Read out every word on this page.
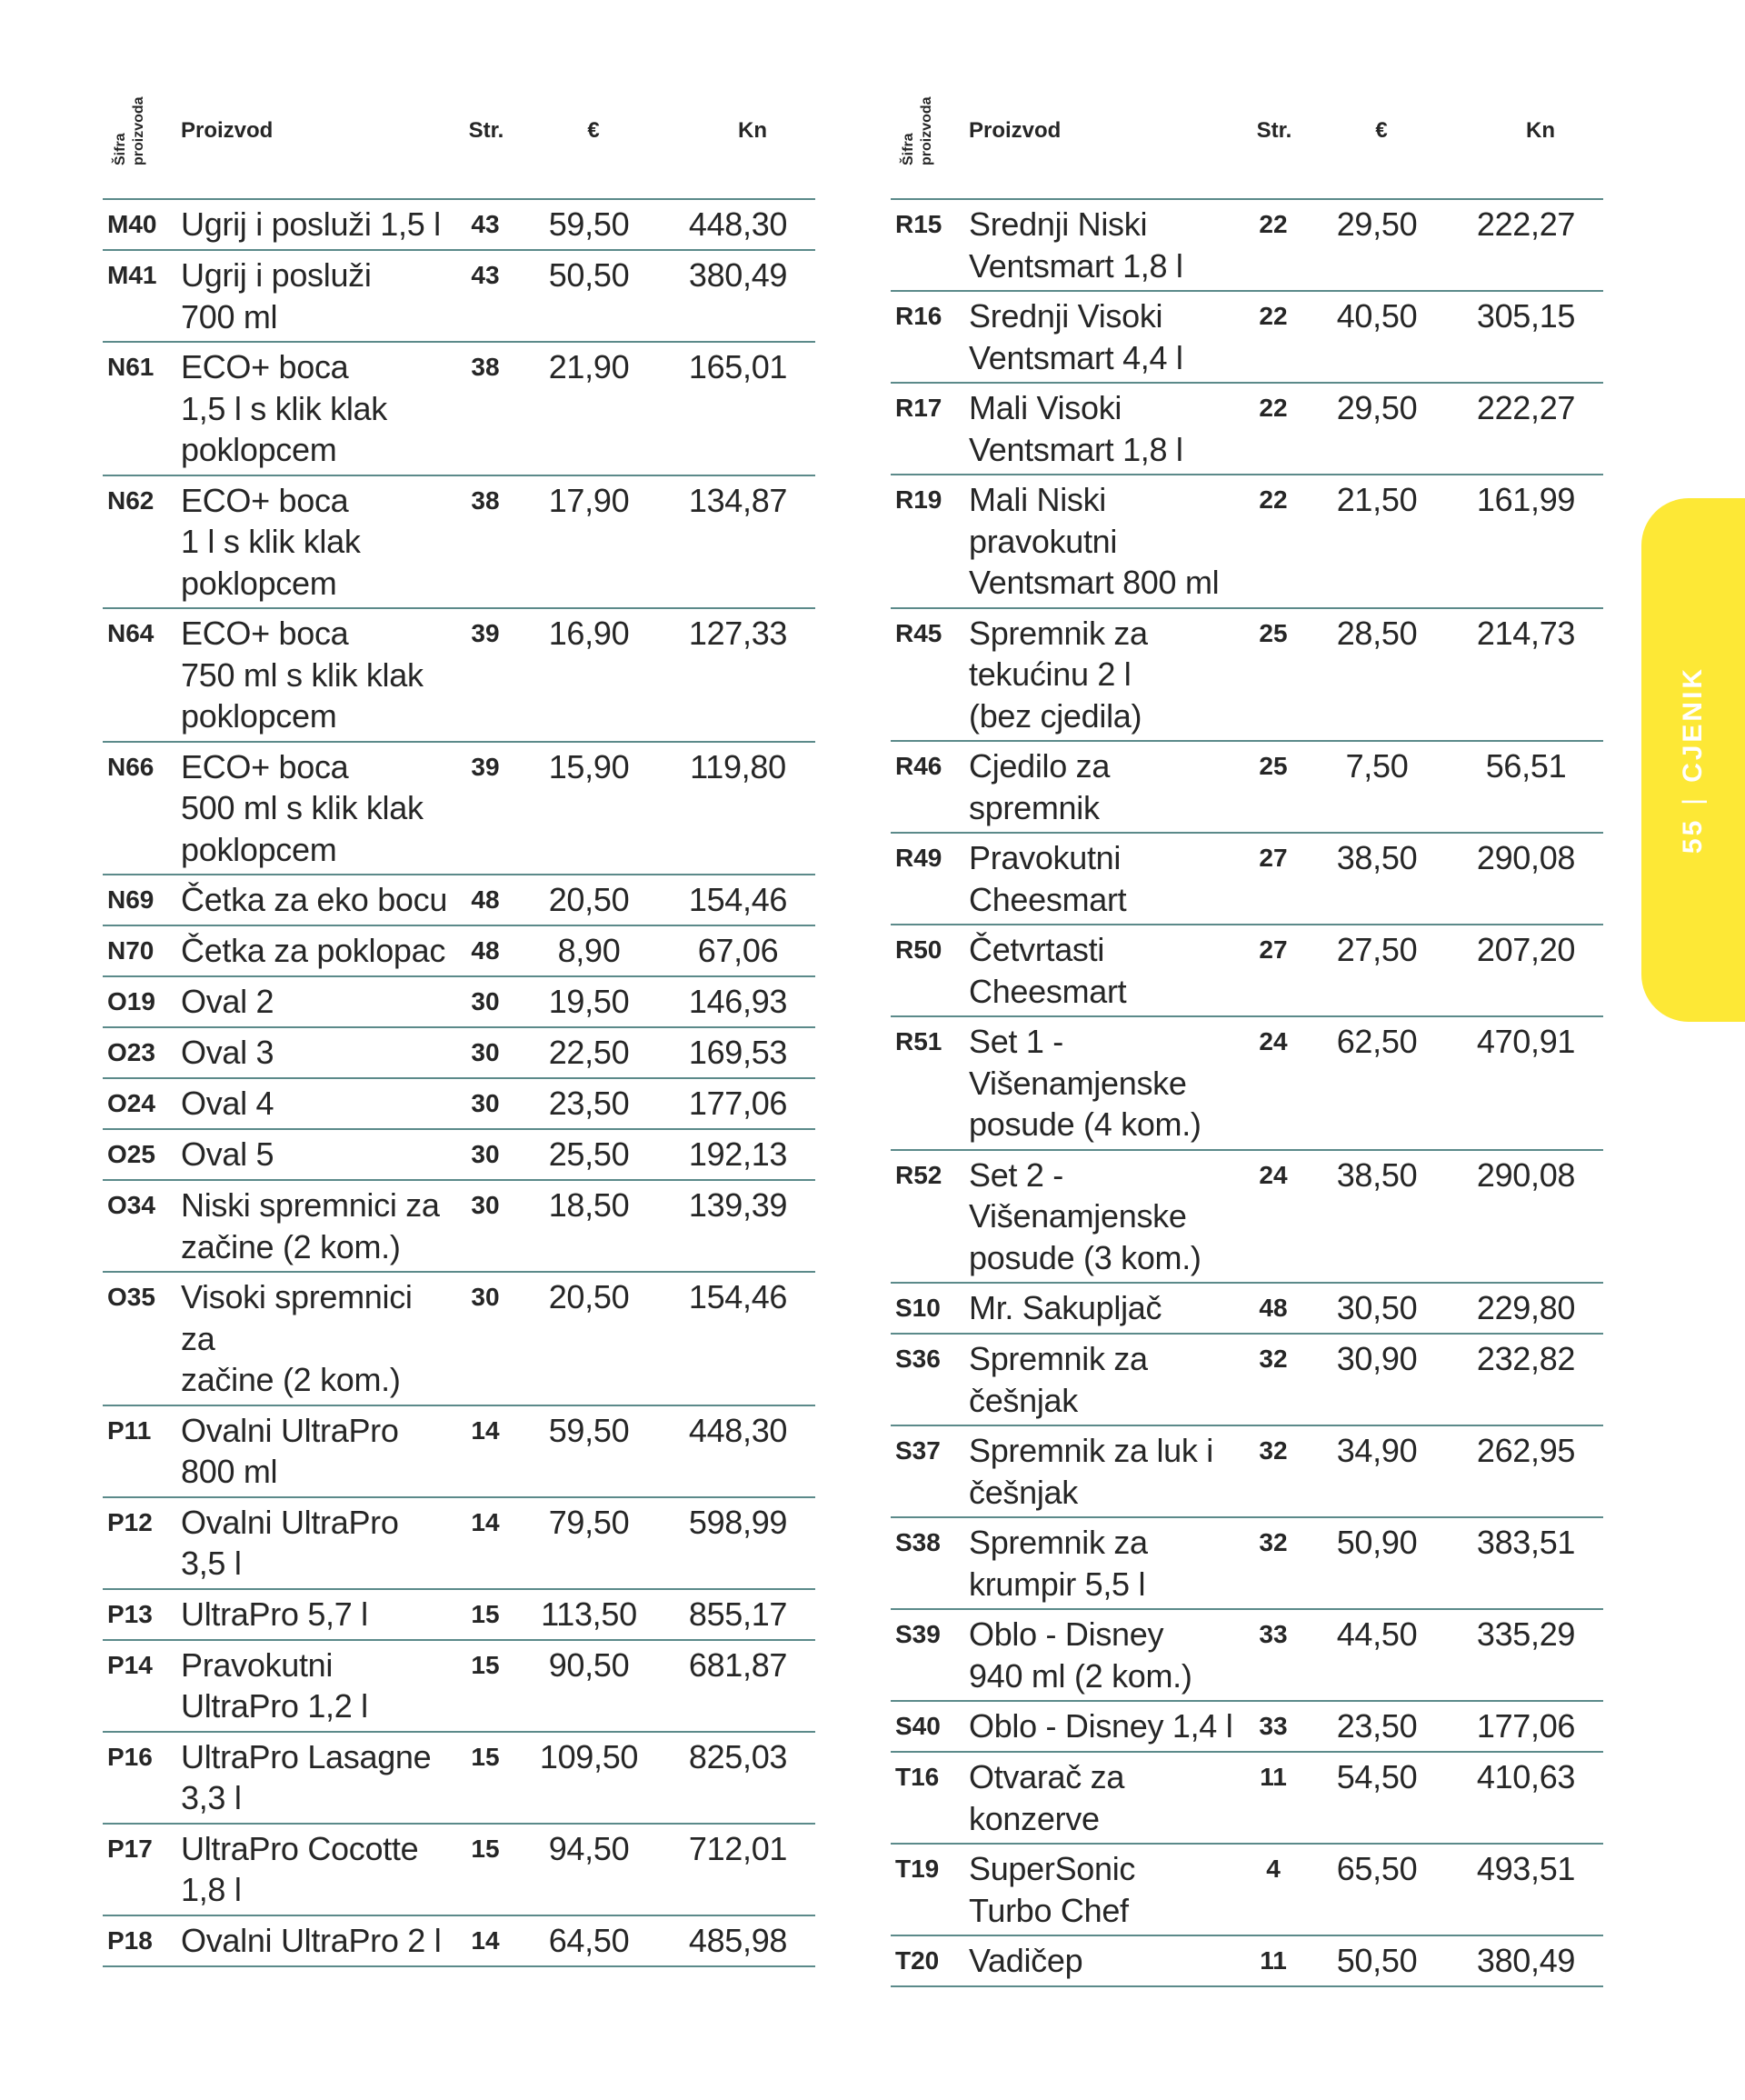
Šifra proizvoda Proizvod	Str.	€	Kn
M40 Ugrij i posluži 1,5 l	43	59,50	448,30
M41 Ugrij i posluži
700 ml
43	50,50	380,49
N61 ECO+ boca
1,5 l s klik klak
poklopcem
38	21,90	165,01
N62 ECO+ boca
1 l s klik klak
poklopcem
38	17,90	134,87
N64 ECO+ boca
750 ml s klik klak
poklopcem
39	16,90	127,33
N66 ECO+ boca
500 ml s klik klak
poklopcem
39	15,90	119,80
N69 Četka za eko bocu 48	20,50	154,46
N70 Četka za poklopac	48	8,90	67,06
O19 Oval 2	30	19,50	146,93
O23 Oval 3	30	22,50	169,53
O24 Oval 4	30	23,50	177,06
O25 Oval 5	30	25,50	192,13
O34 Niski spremnici za
začine (2 kom.)
30	18,50	139,39
O35 Visoki spremnici za
začine (2 kom.)
30	20,50	154,46
P11 Ovalni UltraPro
800 ml
14	59,50	448,30
P12 Ovalni UltraPro
3,5 l
14	79,50	598,99
P13 UltraPro 5,7 l	15	113,50	855,17
P14 Pravokutni
UltraPro 1,2 l
15	90,50	681,87
P16 UltraPro Lasagne
3,3 l
15	109,50	825,03
P17 UltraPro Cocotte
1,8 l
15	94,50	712,01
P18 Ovalni UltraPro 2 l	14	64,50	485,98
Šifra proizvoda Proizvod	Str.	€	Kn
R15 Srednji Niski
Ventsmart 1,8 l
22	29,50	222,27
R16 Srednji Visoki
Ventsmart 4,4 l
22	40,50	305,15
R17 Mali Visoki
Ventsmart 1,8 l
22	29,50	222,27
R19 Mali Niski
pravokutni
Ventsmart 800 ml
22	21,50	161,99
R45 Spremnik za
tekućinu 2 l
(bez cjedila)
25	28,50	214,73
R46 Cjedilo za
spremnik
25	7,50	56,51
R49 Pravokutni
Cheesmart
27	38,50	290,08
R50 Četvrtasti
Cheesmart
27	27,50	207,20
R51 Set 1 -
Višenamjenske
posude (4 kom.)
24	62,50	470,91
R52 Set 2 -
Višenamjenske
posude (3 kom.)
24	38,50	290,08
S10 Mr. Sakupljač	48	30,50	229,80
S36 Spremnik za
češnjak
32	30,90	232,82
S37 Spremnik za luk i
češnjak
32	34,90	262,95
S38 Spremnik za
krumpir 5,5 l
32	50,90	383,51
S39 Oblo - Disney
940 ml (2 kom.)
33	44,50	335,29
S40 Oblo - Disney 1,4 l	33	23,50	177,06
T16 Otvarač za
konzerve
11	54,50	410,63
T19 SuperSonic
Turbo Chef
4	65,50	493,51
T20 Vadičep	11	50,50	380,49
55|CJENIK
